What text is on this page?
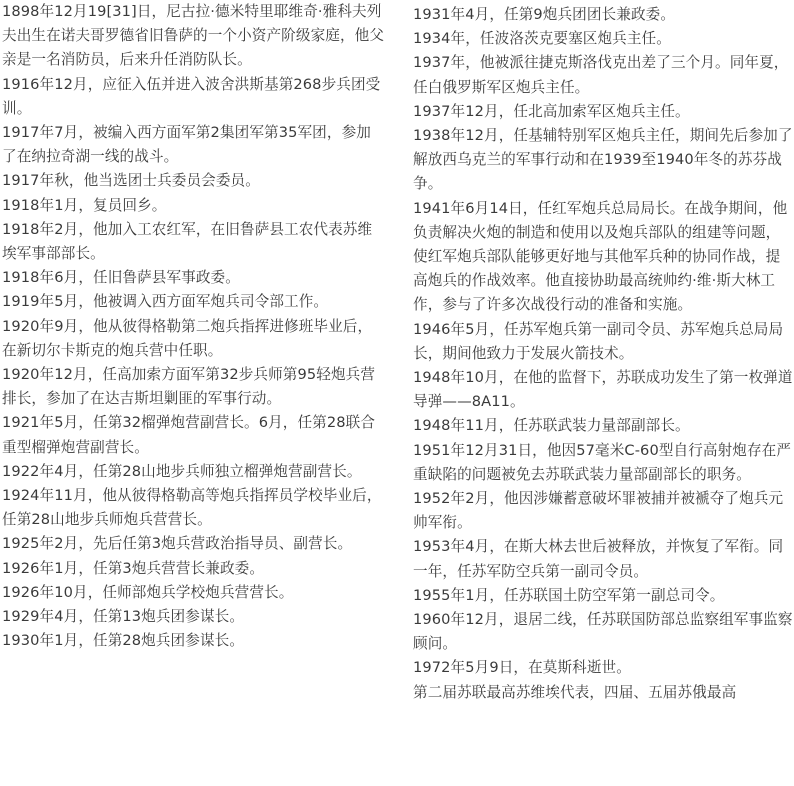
1898年12月19[31]日，尼古拉·德米特里耶维奇·雅科夫列夫出生在诺夫哥罗德省旧鲁萨的一个小资产阶级家庭，他父亲是一名消防员，后来升任消防队长。

1916年12月，应征入伍并进入波舍洪斯基第268步兵团受训。

1917年7月，被编入西方面军第2集团军第35军团，参加了在纳拉奇湖一线的战斗。

1917年秋，他当选团士兵委员会委员。

1918年1月，复员回乡。

1918年2月，他加入工农红军，在旧鲁萨县工农代表苏维埃军事部部长。

1918年6月，任旧鲁萨县军事政委。

1919年5月，他被调入西方面军炮兵司令部工作。

1920年9月，他从彼得格勒第二炮兵指挥进修班毕业后，在新切尔卡斯克的炮兵营中任职。

1920年12月，任高加索方面军第32步兵师第95轻炮兵营排长，参加了在达吉斯坦剿匪的军事行动。

1921年5月，任第32榴弹炮营副营长。6月，任第28联合重型榴弹炮营副营长。

1922年4月，任第28山地步兵师独立榴弹炮营副营长。

1924年11月，他从彼得格勒高等炮兵指挥员学校毕业后，任第28山地步兵师炮兵营营长。

1925年2月，先后任第3炮兵营政治指导员、副营长。

1926年1月，任第3炮兵营营长兼政委。

1926年10月，任师部炮兵学校炮兵营营长。

1929年4月，任第13炮兵团参谋长。

1930年1月，任第28炮兵团参谋长。

1931年4月，任第9炮兵团团长兼政委。

1934年，任波洛茨克要塞区炮兵主任。

1937年，他被派往捷克斯洛伐克出差了三个月。同年夏，任白俄罗斯军区炮兵主任。

1937年12月，任北高加索军区炮兵主任。

1938年12月，任基辅特别军区炮兵主任，期间先后参加了解放西乌克兰的军事行动和在1939至1940年冬的苏芬战争。

1941年6月14日，任红军炮兵总局局长。在战争期间，他负责解决火炮的制造和使用以及炮兵部队的组建等问题，使红军炮兵部队能够更好地与其他军兵种的协同作战，提高炮兵的作战效率。他直接协助最高统帅约·维·斯大林工作，参与了许多次战役行动的准备和实施。

1946年5月，任苏军炮兵第一副司令员、苏军炮兵总局局长，期间他致力于发展火箭技术。

1948年10月，在他的监督下，苏联成功发生了第一枚弹道导弹——8A11。

1948年11月，任苏联武装力量部副部长。

1951年12月31日，他因57毫米C-60型自行高射炮存在严重缺陷的问题被免去苏联武装力量部副部长的职务。

1952年2月，他因涉嫌蓄意破坏罪被捕并被褫夺了炮兵元帅军衔。

1953年4月，在斯大林去世后被释放，并恢复了军衔。同一年，任苏军防空兵第一副司令员。

1955年1月，任苏联国土防空军第一副总司令。

1960年12月，退居二线，任苏联国防部总监察组军事监察顾问。

1972年5月9日，在莫斯科逝世。

第二届苏联最高苏维埃代表，四届、五届苏俄最高
